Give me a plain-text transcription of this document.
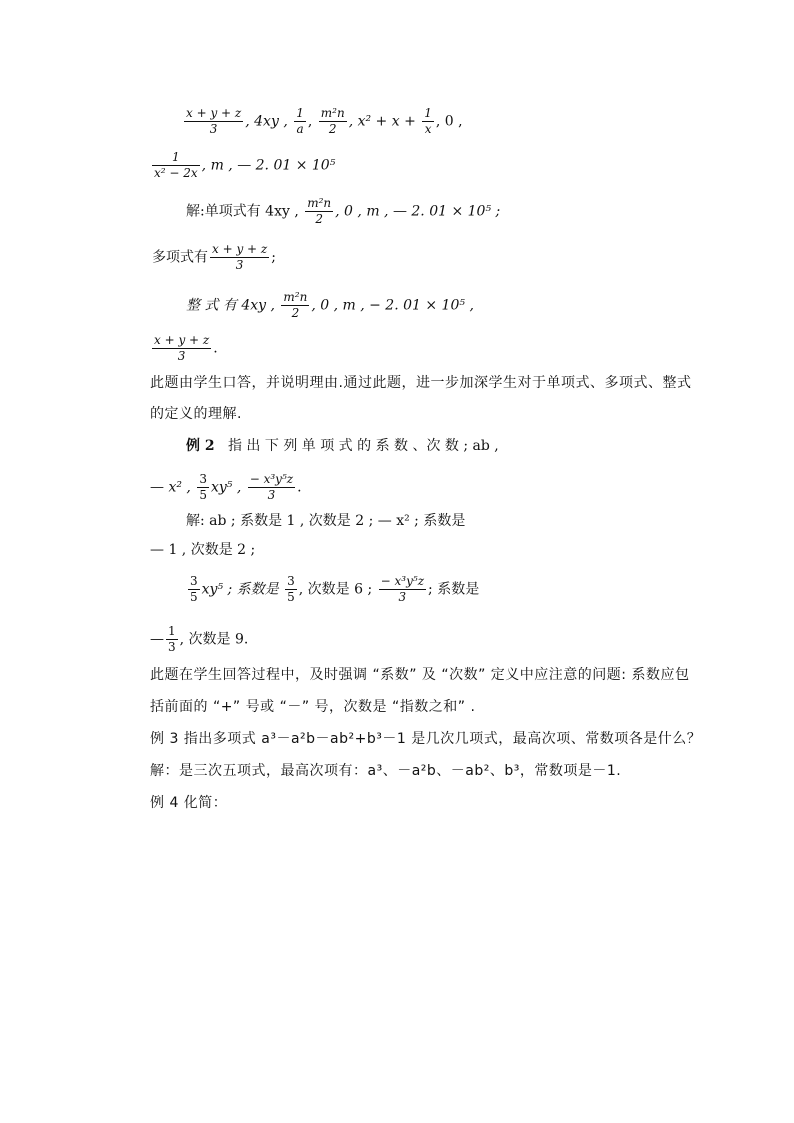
$\frac{x + y + z}{3}$ , 4xy , $\frac{1}{a}$ , $\frac{\text{m²n}}{2}$ , $x^2 + x + \frac{1}{x}$ , 0 ,
$\frac{1}{\text{x² − 2x}}$ , m , — 2. 01 × 10⁵
解:单项式有 4xy , $\frac{\text{m²n}}{2}$ , 0 , m , — 2. 01 × 10⁵ ;
多项式有 $\frac{x + y + z}{3}$ ;
整 式 有 4xy , $\frac{\text{m²n}}{2}$ , 0 , m , − 2. 01 × 10⁵ ,
$\frac{x + y + z}{3}$ .
此题由学生口答，并说明理由.通过此题，进一步加深学生对于单项式、多项式、整式
的定义的理解.
例 2 指 出 下 列 单 项 式 的 系 数 、次 数 ; ab ,
— x² , $\frac{3}{5} xy^5$ , $\frac{\text{− x³y⁵z}}{3}$ .
解: ab ; 系数是 1 , 次数是 2 ; — x² ; 系数是
— 1 , 次数是 2 ;
$\frac{3}{5} xy^5$ ; 系数是 $\frac{3}{5}$ , 次数是 6 ; $\frac{\text{− x³y⁵z}}{3}$ ; 系数是
— $\frac{1}{3}$ , 次数是 9.
此题在学生回答过程中，及时强调 “系数” 及 “次数” 定义中应注意的问题: 系数应包
括前面的 “+” 号或 “－” 号，次数是 “指数之和” .
例 3 指出多项式 a³－a²b－ab²+b³－1 是几次几项式，最高次项、常数项各是什么？
解：是三次五项式，最高次项有：a³、－a²b、－ab²、b³，常数项是－1.
例 4 化简：
